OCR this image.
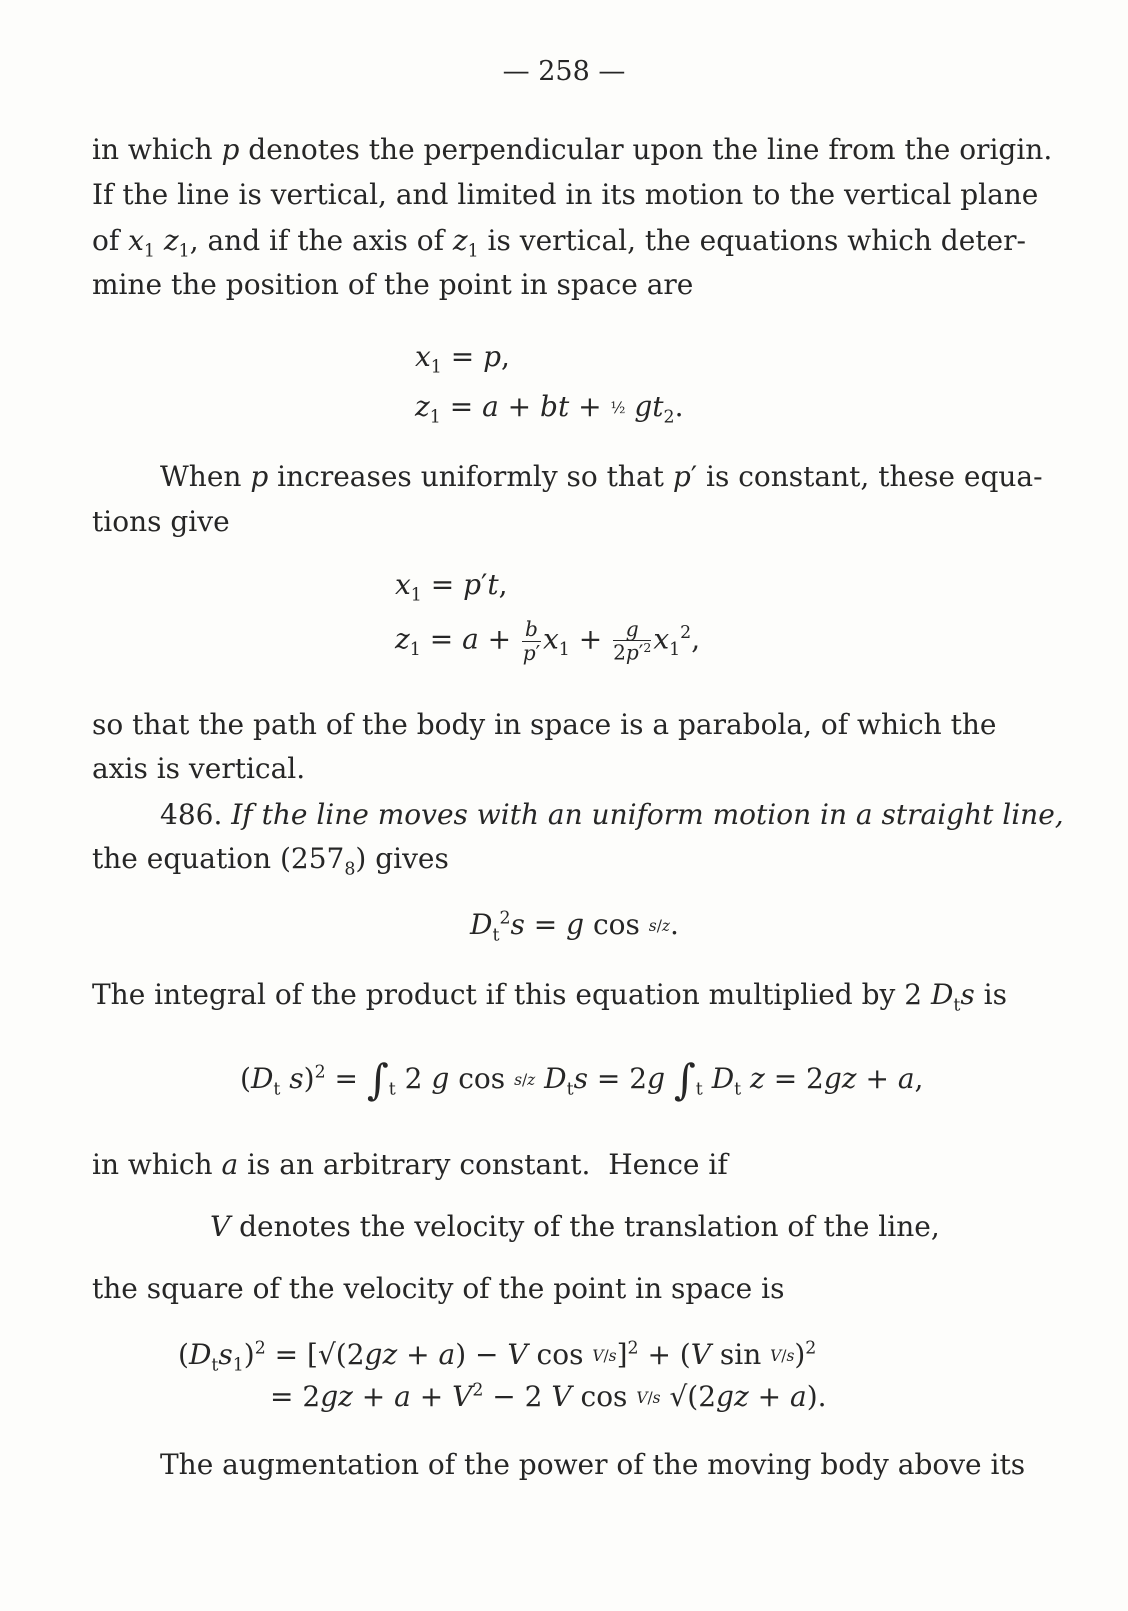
— 258 —
in which p denotes the perpendicular upon the line from the origin.
If the line is vertical, and limited in its motion to the vertical plane
of $x_1$ $z_1$, and if the axis of $z_1$ is vertical, the equations which deter-
mine the position of the point in space are
$x_1 = p$,
$z_1 = a$ + bt + ½ $gt_2$.
When p increases uniformly so that p′ is constant, these equa-
tions give
$x_1 = p't$,
$z_1 = a + \frac{b}{p'} x_1 + \frac{g}{2p'^2} x_1^2$,
so that the path of the body in space is a parabola, of which the
axis is vertical.
486. If the line moves with an uniform motion in a straight line,
the equation $(257_8)$ gives
$D_t^2s = g$ cos s/z.
The integral of the product if this equation multiplied by 2 $D_ts$ is
($D_t$ $s)^2 = \int_t$ 2 g cos s/z $D_ts = 2g$ $\int_t$ $D_t$ z = 2gz + a,
in which a is an arbitrary constant.  Hence if
V denotes the velocity of the translation of the line,
the square of the velocity of the point in space is
$(D_ts_1)^2 = [√(2gz + a) - V$ cos V/s]$^2$ + (V sin V/s)$^2$
= $2gz + a + V^2 - 2$ V cos V/s √(2gz + a).
The augmentation of the power of the moving body above its
